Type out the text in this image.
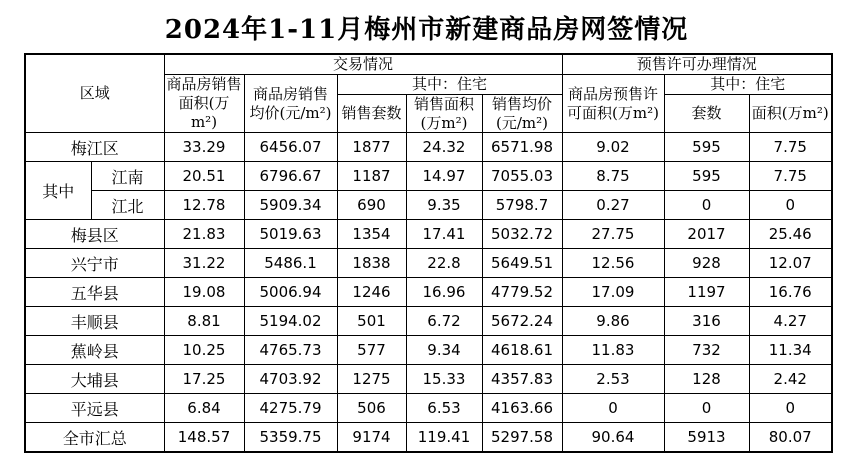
2024年1-11月梅州市新建商品房网签情况
区域		交易情况					预售许可办理情况		
		商品房销售面积(万m²)	商品房销售均价(元/m²)	其中：住宅			商品房预售许可面积(万m²)	其中：住宅	
				销售套数	销售面积(万m²)	销售均价(元/m²)		套数	面积(万m²)
梅江区		33.29	6456.07	1877	24.32	6571.98	9.02	595	7.75
其中	江南	20.51	6796.67	1187	14.97	7055.03	8.75	595	7.75
	江北	12.78	5909.34	690	9.35	5798.7	0.27	0	0
梅县区		21.83	5019.63	1354	17.41	5032.72	27.75	2017	25.46
兴宁市		31.22	5486.1	1838	22.8	5649.51	12.56	928	12.07
五华县		19.08	5006.94	1246	16.96	4779.52	17.09	1197	16.76
丰顺县		8.81	5194.02	501	6.72	5672.24	9.86	316	4.27
蕉岭县		10.25	4765.73	577	9.34	4618.61	11.83	732	11.34
大埔县		17.25	4703.92	1275	15.33	4357.83	2.53	128	2.42
平远县		6.84	4275.79	506	6.53	4163.66	0	0	0
全市汇总		148.57	5359.75	9174	119.41	5297.58	90.64	5913	80.07
